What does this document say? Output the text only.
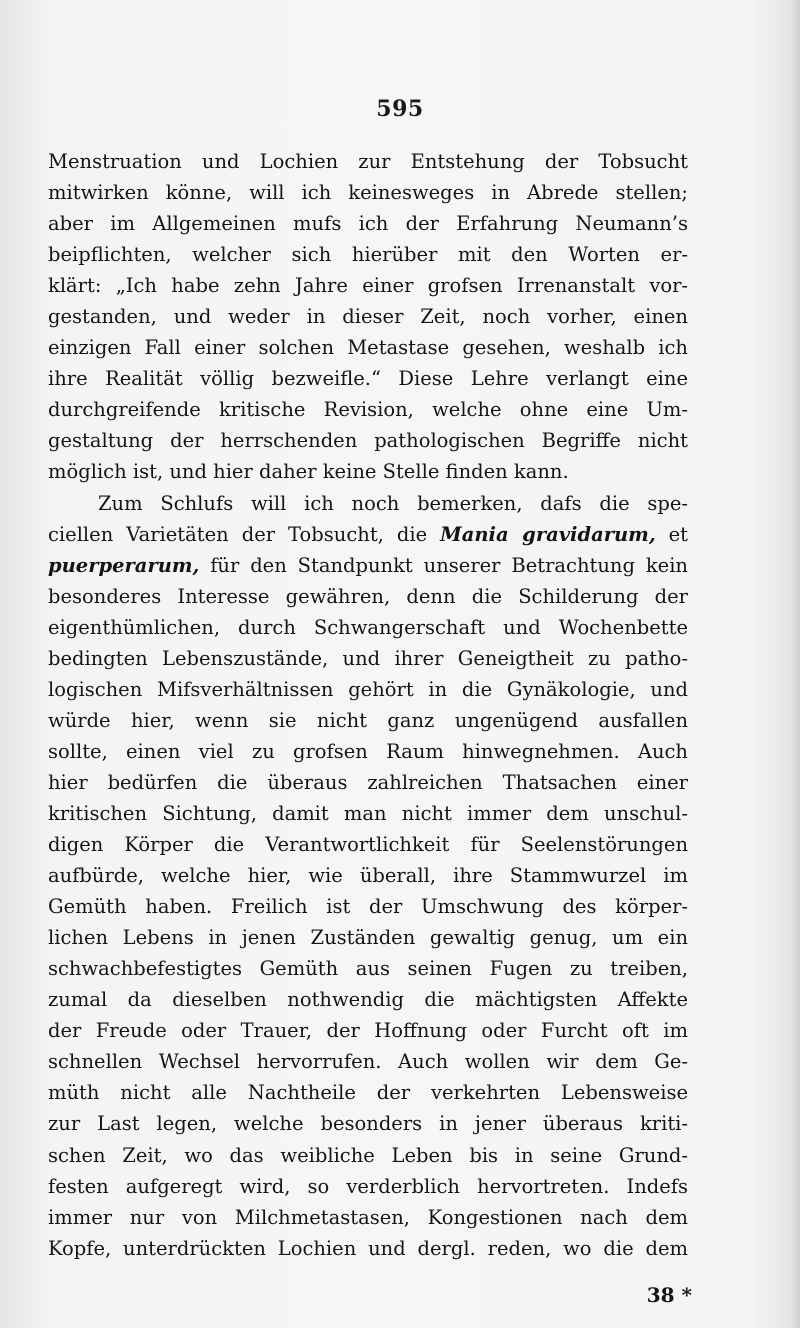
595
Menstruation und Lochien zur Entstehung der Tobsucht
mitwirken könne, will ich keinesweges in Abrede stellen;
aber im Allgemeinen mufs ich der Erfahrung Neumann’s
beipflichten, welcher sich hierüber mit den Worten er-
klärt: „Ich habe zehn Jahre einer grofsen Irrenanstalt vor-
gestanden, und weder in dieser Zeit, noch vorher, einen
einzigen Fall einer solchen Metastase gesehen, weshalb ich
ihre Realität völlig bezweifle.“ Diese Lehre verlangt eine
durchgreifende kritische Revision, welche ohne eine Um-
gestaltung der herrschenden pathologischen Begriffe nicht
möglich ist, und hier daher keine Stelle finden kann.
Zum Schlufs will ich noch bemerken, dafs die spe-
ciellen Varietäten der Tobsucht, die Mania gravidarum, et
puerperarum, für den Standpunkt unserer Betrachtung kein
besonderes Interesse gewähren, denn die Schilderung der
eigenthümlichen, durch Schwangerschaft und Wochenbette
bedingten Lebenszustände, und ihrer Geneigtheit zu patho-
logischen Mifsverhältnissen gehört in die Gynäkologie, und
würde hier, wenn sie nicht ganz ungenügend ausfallen
sollte, einen viel zu grofsen Raum hinwegnehmen. Auch
hier bedürfen die überaus zahlreichen Thatsachen einer
kritischen Sichtung, damit man nicht immer dem unschul-
digen Körper die Verantwortlichkeit für Seelenstörungen
aufbürde, welche hier, wie überall, ihre Stammwurzel im
Gemüth haben. Freilich ist der Umschwung des körper-
lichen Lebens in jenen Zuständen gewaltig genug, um ein
schwachbefestigtes Gemüth aus seinen Fugen zu treiben,
zumal da dieselben nothwendig die mächtigsten Affekte
der Freude oder Trauer, der Hoffnung oder Furcht oft im
schnellen Wechsel hervorrufen. Auch wollen wir dem Ge-
müth nicht alle Nachtheile der verkehrten Lebensweise
zur Last legen, welche besonders in jener überaus kriti-
schen Zeit, wo das weibliche Leben bis in seine Grund-
festen aufgeregt wird, so verderblich hervortreten. Indefs
immer nur von Milchmetastasen, Kongestionen nach dem
Kopfe, unterdrückten Lochien und dergl. reden, wo die dem
38 *
